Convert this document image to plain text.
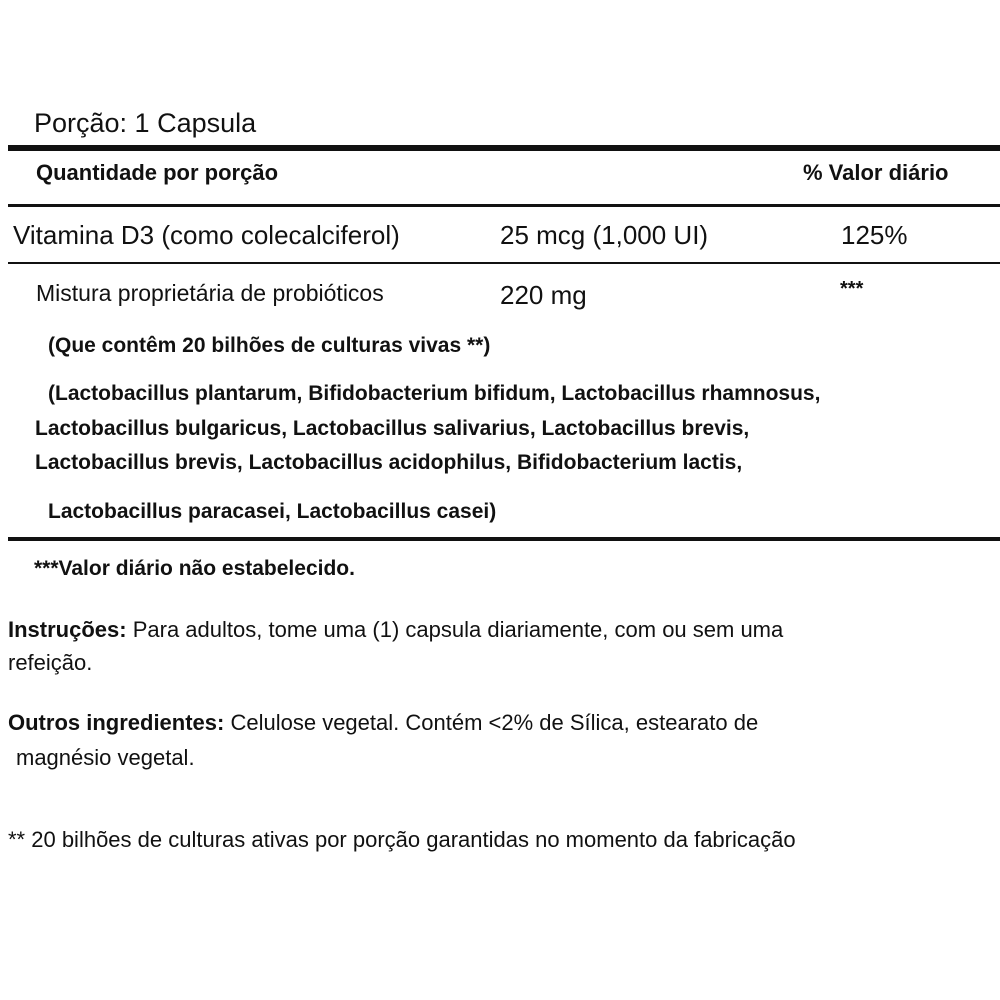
Porção: 1 Capsula
Quantidade por porção	% Valor diário
Vitamina D3 (como colecalciferol)	25 mcg (1,000 UI)	125%
Mistura proprietária de probióticos	220 mg	***
(Que contêm 20 bilhões de culturas vivas **)
(Lactobacillus plantarum, Bifidobacterium bifidum, Lactobacillus rhamnosus,
Lactobacillus bulgaricus, Lactobacillus salivarius, Lactobacillus brevis,
Lactobacillus brevis, Lactobacillus acidophilus, Bifidobacterium lactis,
Lactobacillus paracasei, Lactobacillus casei)
***Valor diário não estabelecido.
Instruções: Para adultos, tome uma (1) capsula diariamente, com ou sem uma
refeição.
Outros ingredientes: Celulose vegetal. Contém <2% de Sílica, estearato de
magnésio vegetal.
** 20 bilhões de culturas ativas por porção garantidas no momento da fabricação
